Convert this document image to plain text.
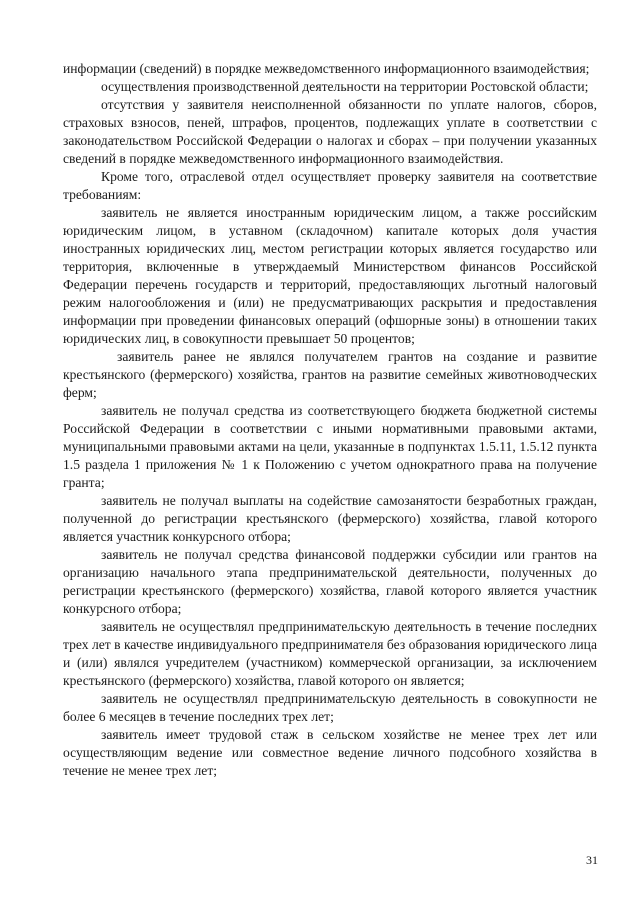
информации (сведений) в порядке межведомственного информационного взаимодействия;

осуществления производственной деятельности на территории Ростовской области;

отсутствия у заявителя неисполненной обязанности по уплате налогов, сборов, страховых взносов, пеней, штрафов, процентов, подлежащих уплате в соответствии с законодательством Российской Федерации о налогах и сборах – при получении указанных сведений в порядке межведомственного информационного взаимодействия.

Кроме того, отраслевой отдел осуществляет проверку заявителя на соответствие требованиям:

заявитель не является иностранным юридическим лицом, а также российским юридическим лицом, в уставном (складочном) капитале которых доля участия иностранных юридических лиц, местом регистрации которых является государство или территория, включенные в утверждаемый Министерством финансов Российской Федерации перечень государств и территорий, предоставляющих льготный налоговый режим налогообложения и (или) не предусматривающих раскрытия и предоставления информации при проведении финансовых операций (офшорные зоны) в отношении таких юридических лиц, в совокупности превышает 50 процентов;

заявитель ранее не являлся получателем грантов на создание и развитие крестьянского (фермерского) хозяйства, грантов на развитие семейных животноводческих ферм;

заявитель не получал средства из соответствующего бюджета бюджетной системы Российской Федерации в соответствии с иными нормативными правовыми актами, муниципальными правовыми актами на цели, указанные в подпунктах 1.5.11, 1.5.12 пункта 1.5 раздела 1 приложения № 1 к Положению с учетом однократного права на получение гранта;

заявитель не получал выплаты на содействие самозанятости безработных граждан, полученной до регистрации крестьянского (фермерского) хозяйства, главой которого является участник конкурсного отбора;

заявитель не получал средства финансовой поддержки субсидии или грантов на организацию начального этапа предпринимательской деятельности, полученных до регистрации крестьянского (фермерского) хозяйства, главой которого является участник конкурсного отбора;

заявитель не осуществлял предпринимательскую деятельность в течение последних трех лет в качестве индивидуального предпринимателя без образования юридического лица и (или) являлся учредителем (участником) коммерческой организации, за исключением крестьянского (фермерского) хозяйства, главой которого он является;

заявитель не осуществлял предпринимательскую деятельность в совокупности не более 6 месяцев в течение последних трех лет;

заявитель имеет трудовой стаж в сельском хозяйстве не менее трех лет или осуществляющим ведение или совместное ведение личного подсобного хозяйства в течение не менее трех лет;

31
